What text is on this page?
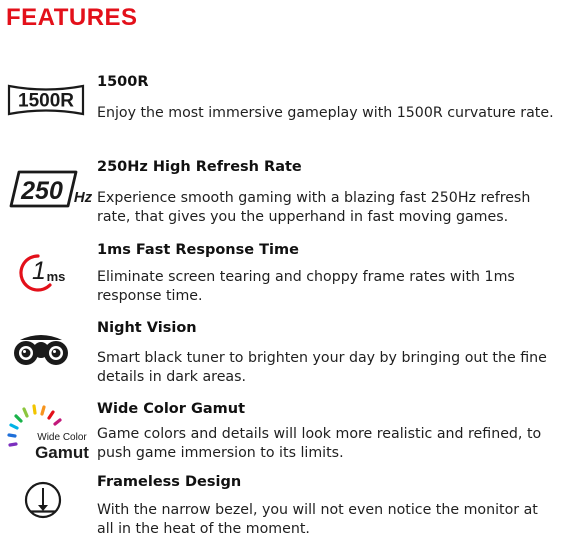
FEATURES
1500R

1500R

Enjoy the most immersive gameplay with 1500R curvature rate.

250 Hz

250Hz High Refresh Rate

Experience smooth gaming with a blazing fast 250Hz refresh rate, that gives you the upperhand in fast moving games.

1 ms

1ms Fast Response Time

Eliminate screen tearing and choppy frame rates with 1ms response time.

Night Vision

Smart black tuner to brighten your day by bringing out the fine details in dark areas.

Wide Color
Gamut

Wide Color Gamut

Game colors and details will look more realistic and refined, to push game immersion to its limits.

Frameless Design

With the narrow bezel, you will not even notice the monitor at all in the heat of the moment.
